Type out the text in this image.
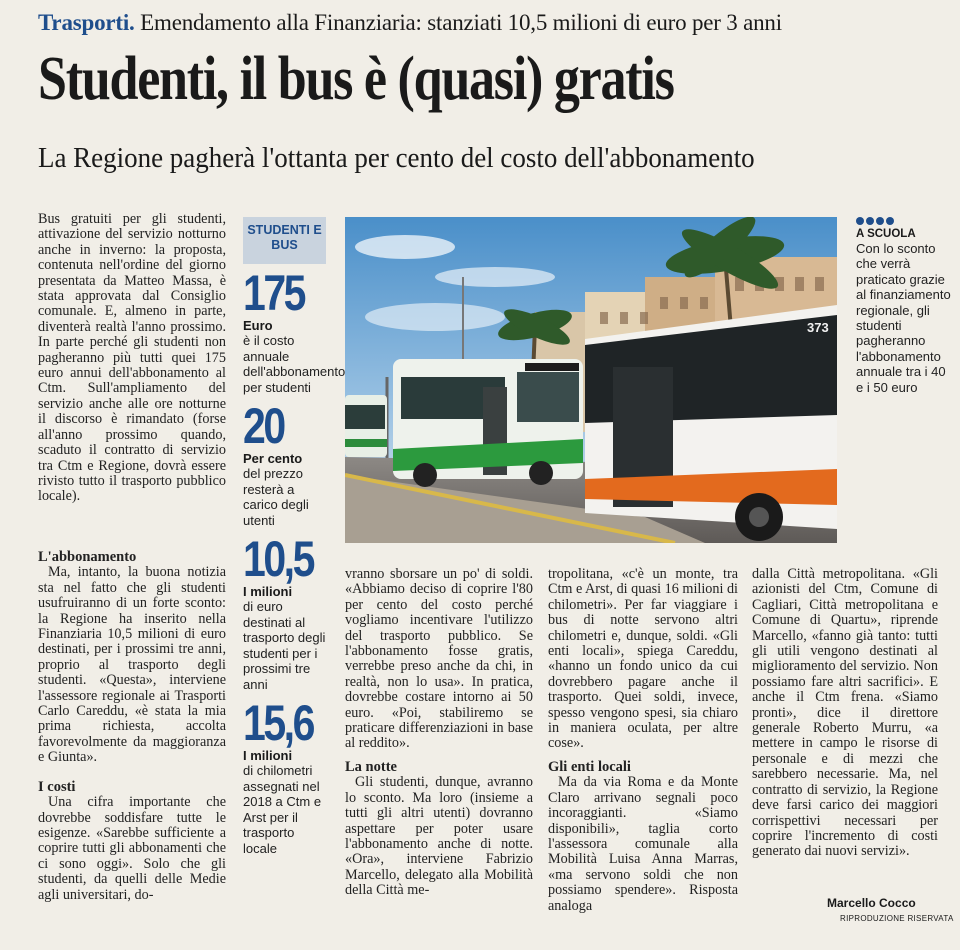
Trasporti. Emendamento alla Finanziaria: stanziati 10,5 milioni di euro per 3 anni
Studenti, il bus è (quasi) gratis
La Regione pagherà l'ottanta per cento del costo dell'abbonamento

Bus gratuiti per gli studenti, attivazione del servizio notturno anche in inverno: la proposta, contenuta nell'ordine del giorno presentata da Matteo Massa, è stata approvata dal Consiglio comunale. E, almeno in parte, diventerà realtà l'anno prossimo. In parte perché gli studenti non pagheranno più tutti quei 175 euro annui dell'abbonamento al Ctm. Sull'ampliamento del servizio anche alle ore notturne il discorso è rimandato (forse all'anno prossimo quando, scaduto il contratto di servizio tra Ctm e Regione, dovrà essere rivisto tutto il trasporto pubblico locale).

L'abbonamento

Ma, intanto, la buona notizia sta nel fatto che gli studenti usufruiranno di un forte sconto: la Regione ha inserito nella Finanziaria 10,5 milioni di euro destinati, per i prossimi tre anni, proprio al trasporto degli studenti. «Questa», interviene l'assessore regionale ai Trasporti Carlo Careddu, «è stata la mia prima richiesta, accolta favorevolmente da maggioranza e Giunta».

I costi

Una cifra importante che dovrebbe soddisfare tutte le esigenze. «Sarebbe sufficiente a coprire tutti gli abbonamenti che ci sono oggi». Solo che gli studenti, da quelli delle Medie agli universitari, do-

STUDENTI E BUS
175
Euro
è il costo annuale dell'abbonamento per studenti
20
Per cento
del prezzo resterà a carico degli utenti
10,5
I milioni
di euro destinati al trasporto degli studenti per i prossimi tre anni
15,6
I milioni
di chilometri assegnati nel 2018 a Ctm e Arst per il trasporto locale
373
A SCUOLA
Con lo sconto che verrà praticato grazie al finanziamento regionale, gli studenti pagheranno l'abbonamento annuale tra i 40 e i 50 euro

vranno sborsare un po' di soldi. «Abbiamo deciso di coprire l'80 per cento del costo perché vogliamo incentivare l'utilizzo del trasporto pubblico. Se l'abbonamento fosse gratis, verrebbe preso anche da chi, in realtà, non lo usa». In pratica, dovrebbe costare intorno ai 50 euro. «Poi, stabiliremo se praticare differenziazioni in base al reddito».

La notte

Gli studenti, dunque, avranno lo sconto. Ma loro (insieme a tutti gli altri utenti) dovranno aspettare per poter usare l'abbonamento anche di notte. «Ora», interviene Fabrizio Marcello, delegato alla Mobilità della Città me-

tropolitana, «c'è un monte, tra Ctm e Arst, di quasi 16 milioni di chilometri». Per far viaggiare i bus di notte servono altri chilometri e, dunque, soldi. «Gli enti locali», spiega Careddu, «hanno un fondo unico da cui dovrebbero pagare anche il trasporto. Quei soldi, invece, spesso vengono spesi, sia chiaro in maniera oculata, per altre cose».

Gli enti locali

Ma da via Roma e da Monte Claro arrivano segnali poco incoraggianti. «Siamo disponibili», taglia corto l'assessora comunale alla Mobilità Luisa Anna Marras, «ma servono soldi che non possiamo spendere». Risposta analoga

dalla Città metropolitana. «Gli azionisti del Ctm, Comune di Cagliari, Città metropolitana e Comune di Quartu», riprende Marcello, «fanno già tanto: tutti gli utili vengono destinati al miglioramento del servizio. Non possiamo fare altri sacrifici». E anche il Ctm frena. «Siamo pronti», dice il direttore generale Roberto Murru, «a mettere in campo le risorse di personale e di mezzi che sarebbero necessarie. Ma, nel contratto di servizio, la Regione deve farsi carico dei maggiori corrispettivi necessari per coprire l'incremento di costi generato dai nuovi servizi».

Marcello Cocco
RIPRODUZIONE RISERVATA
